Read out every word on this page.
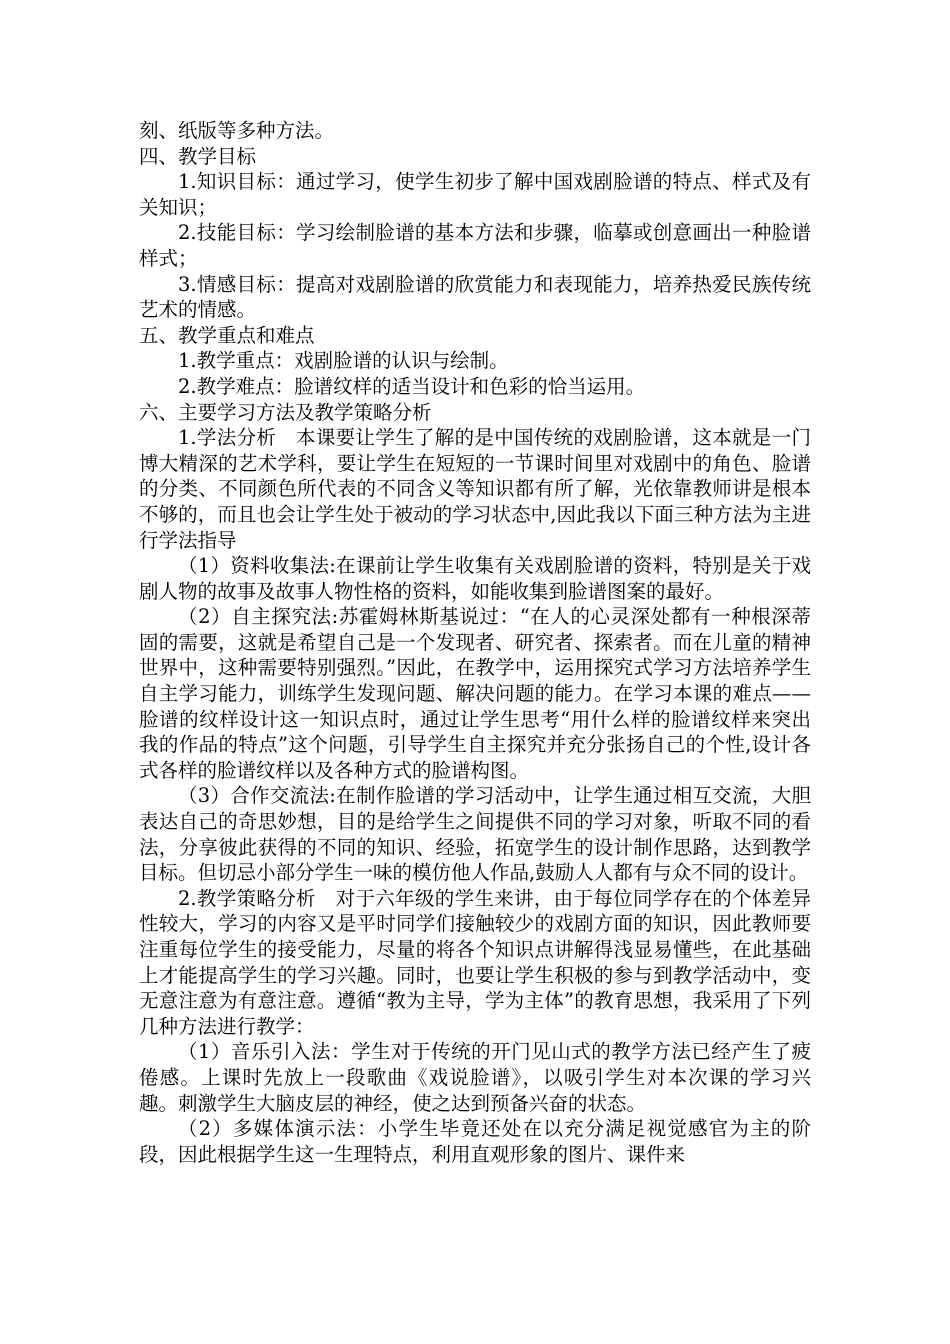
刻、纸版等多种方法。

四、教学目标

1.知识目标：通过学习，使学生初步了解中国戏剧脸谱的特点、样式及有关知识；

2.技能目标：学习绘制脸谱的基本方法和步骤，临摹或创意画出一种脸谱样式；

3.情感目标：提高对戏剧脸谱的欣赏能力和表现能力，培养热爱民族传统艺术的情感。

五、教学重点和难点

1.教学重点：戏剧脸谱的认识与绘制。

2.教学难点：脸谱纹样的适当设计和色彩的恰当运用。

六、主要学习方法及教学策略分析

1.学法分析　本课要让学生了解的是中国传统的戏剧脸谱，这本就是一门博大精深的艺术学科，要让学生在短短的一节课时间里对戏剧中的角色、脸谱的分类、不同颜色所代表的不同含义等知识都有所了解，光依靠教师讲是根本不够的，而且也会让学生处于被动的学习状态中,因此我以下面三种方法为主进行学法指导

（1）资料收集法:在课前让学生收集有关戏剧脸谱的资料，特别是关于戏剧人物的故事及故事人物性格的资料，如能收集到脸谱图案的最好。

（2）自主探究法:苏霍姆林斯基说过：“在人的心灵深处都有一种根深蒂固的需要，这就是希望自己是一个发现者、研究者、探索者。而在儿童的精神世界中，这种需要特别强烈。”因此，在教学中，运用探究式学习方法培养学生自主学习能力，训练学生发现问题、解决问题的能力。在学习本课的难点——脸谱的纹样设计这一知识点时，通过让学生思考“用什么样的脸谱纹样来突出我的作品的特点”这个问题，引导学生自主探究并充分张扬自己的个性,设计各式各样的脸谱纹样以及各种方式的脸谱构图。

（3）合作交流法:在制作脸谱的学习活动中，让学生通过相互交流，大胆表达自己的奇思妙想，目的是给学生之间提供不同的学习对象，听取不同的看法，分享彼此获得的不同的知识、经验，拓宽学生的设计制作思路，达到教学目标。但切忌小部分学生一味的模仿他人作品,鼓励人人都有与众不同的设计。

2.教学策略分析　对于六年级的学生来讲，由于每位同学存在的个体差异性较大，学习的内容又是平时同学们接触较少的戏剧方面的知识，因此教师要注重每位学生的接受能力，尽量的将各个知识点讲解得浅显易懂些，在此基础上才能提高学生的学习兴趣。同时，也要让学生积极的参与到教学活动中，变无意注意为有意注意。遵循“教为主导，学为主体”的教育思想，我采用了下列几种方法进行教学：

（1）音乐引入法：学生对于传统的开门见山式的教学方法已经产生了疲倦感。上课时先放上一段歌曲《戏说脸谱》，以吸引学生对本次课的学习兴趣。刺激学生大脑皮层的神经，使之达到预备兴奋的状态。

（2）多媒体演示法：小学生毕竟还处在以充分满足视觉感官为主的阶段，因此根据学生这一生理特点，利用直观形象的图片、课件来
